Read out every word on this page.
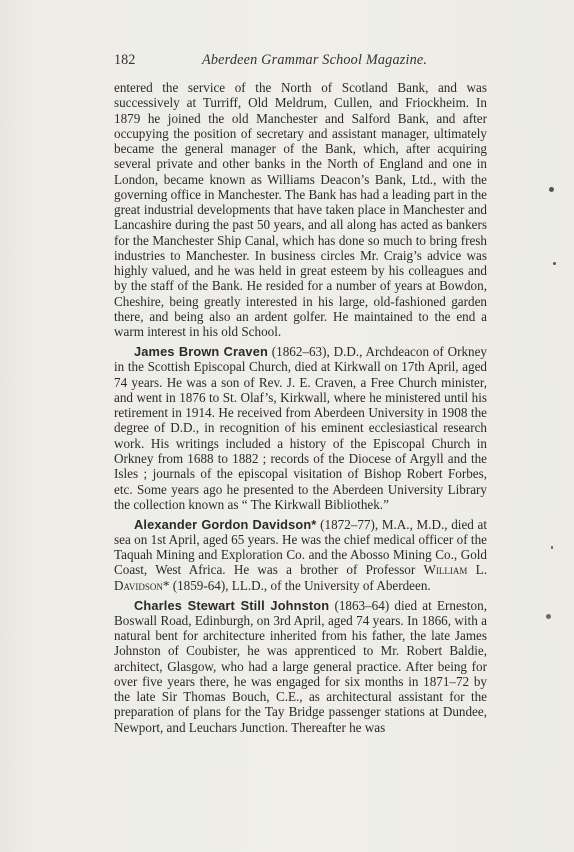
182	Aberdeen Grammar School Magazine.

entered the service of the North of Scotland Bank, and was successively at Turriff, Old Meldrum, Cullen, and Friockheim. In 1879 he joined the old Manchester and Salford Bank, and after occupying the position of secretary and assistant manager, ultimately became the general manager of the Bank, which, after acquiring several private and other banks in the North of England and one in London, became known as Williams Deacon’s Bank, Ltd., with the governing office in Manchester. The Bank has had a leading part in the great industrial developments that have taken place in Manchester and Lancashire during the past 50 years, and all along has acted as bankers for the Manchester Ship Canal, which has done so much to bring fresh industries to Manchester. In business circles Mr. Craig’s advice was highly valued, and he was held in great esteem by his colleagues and by the staff of the Bank. He resided for a number of years at Bowdon, Cheshire, being greatly interested in his large, old-fashioned garden there, and being also an ardent golfer. He maintained to the end a warm interest in his old School.

James Brown Craven (1862–63), D.D., Archdeacon of Orkney in the Scottish Episcopal Church, died at Kirkwall on 17th April, aged 74 years. He was a son of Rev. J. E. Craven, a Free Church minister, and went in 1876 to St. Olaf’s, Kirkwall, where he ministered until his retirement in 1914. He received from Aberdeen University in 1908 the degree of D.D., in recognition of his eminent ecclesiastical research work. His writings included a history of the Episcopal Church in Orkney from 1688 to 1882 ; records of the Diocese of Argyll and the Isles ; journals of the episcopal visitation of Bishop Robert Forbes, etc. Some years ago he presented to the Aberdeen University Library the collection known as “ The Kirkwall Bibliothek.”

Alexander Gordon Davidson* (1872–77), M.A., M.D., died at sea on 1st April, aged 65 years. He was the chief medical officer of the Taquah Mining and Exploration Co. and the Abosso Mining Co., Gold Coast, West Africa. He was a brother of Professor William L. Davidson* (1859-64), LL.D., of the University of Aberdeen.

Charles Stewart Still Johnston (1863–64) died at Erneston, Boswall Road, Edinburgh, on 3rd April, aged 74 years. In 1866, with a natural bent for architecture inherited from his father, the late James Johnston of Coubister, he was apprenticed to Mr. Robert Baldie, architect, Glasgow, who had a large general practice. After being for over five years there, he was engaged for six months in 1871–72 by the late Sir Thomas Bouch, C.E., as architectural assistant for the preparation of plans for the Tay Bridge passenger stations at Dundee, Newport, and Leuchars Junction. Thereafter he was
